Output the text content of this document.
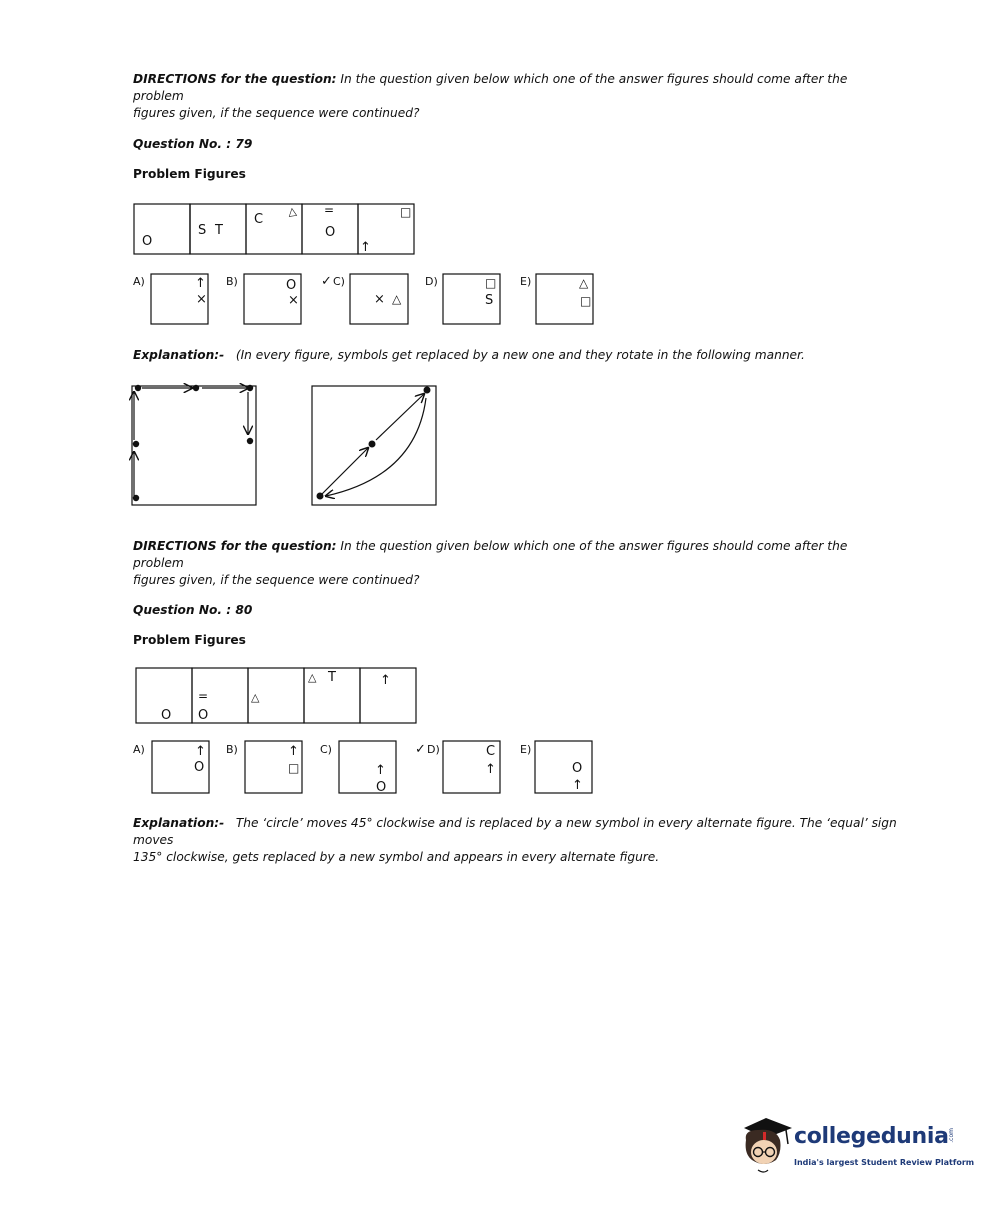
DIRECTIONS for the question: In the question given below which one of the answer figures should come after the problem
figures given, if the sequence were continued?
Question No. : 79
Problem Figures
O
S T
C
△ =
O
□
↑
A)	B)	✓ C)	D)	E)
↑
×
O
×	× △
□
S
△
□
Explanation:- (In every figure, symbols get replaced by a new one and they rotate in the following manner.
DIRECTIONS for the question: In the question given below which one of the answer figures should come after the problem
figures given, if the sequence were continued?
Question No. : 80
Problem Figures
O
=
O
△
△ T	↑
A)	B)	C)	✓ D)	E)
↑
O
↑
□	↑
O
C
↑	O
↑
Explanation:- The ‘circle’ moves 45° clockwise and is replaced by a new symbol in every alternate figure. The ‘equal’ sign moves
135° clockwise, gets replaced by a new symbol and appears in every alternate figure.
collegedunia .com
India's largest Student Review Platform
